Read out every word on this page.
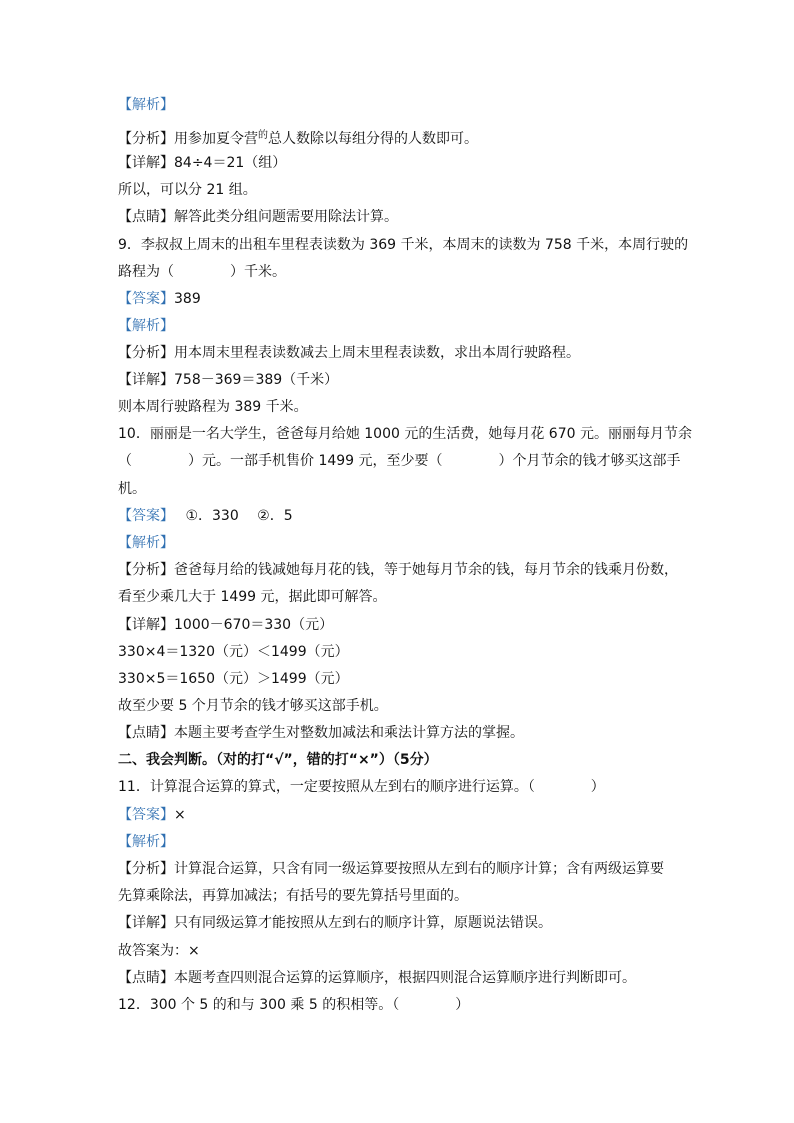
【解析】
【分析】用参加夏令营$^的$总人数除以每组分得的人数即可。
【详解】84÷4＝21（组）
所以，可以分 21 组。
【点睛】解答此类分组问题需要用除法计算。
9．李叔叔上周末的出租车里程表读数为 369 千米，本周末的读数为 758 千米，本周行驶的
路程为（　　　　）千米。
【答案】389
【解析】
【分析】用本周末里程表读数减去上周末里程表读数，求出本周行驶路程。
【详解】758－369＝389（千米）
则本周行驶路程为 389 千米。
10．丽丽是一名大学生，爸爸每月给她 1000 元的生活费，她每月花 670 元。丽丽每月节余
（　　　　）元。一部手机售价 1499 元，至少要（　　　　）个月节余的钱才够买这部手
机。
【答案】　 ①．330　 ②．5
【解析】
【分析】爸爸每月给的钱减她每月花的钱，等于她每月节余的钱，每月节余的钱乘月份数，
看至少乘几大于 1499 元，据此即可解答。
【详解】1000－670＝330（元）
330×4＝1320（元）＜1499（元）
330×5＝1650（元）＞1499（元）
故至少要 5 个月节余的钱才够买这部手机。
【点睛】本题主要考查学生对整数加减法和乘法计算方法的掌握。
二、我会判断。（对的打“√”，错的打“×”）（5分）
11．计算混合运算的算式，一定要按照从左到右的顺序进行运算。（　　　　）
【答案】×
【解析】
【分析】计算混合运算，只含有同一级运算要按照从左到右的顺序计算；含有两级运算要
先算乘除法，再算加减法；有括号的要先算括号里面的。
【详解】只有同级运算才能按照从左到右的顺序计算，原题说法错误。
故答案为：×
【点睛】本题考查四则混合运算的运算顺序，根据四则混合运算顺序进行判断即可。
12．300 个 5 的和与 300 乘 5 的积相等。（　　　　）
